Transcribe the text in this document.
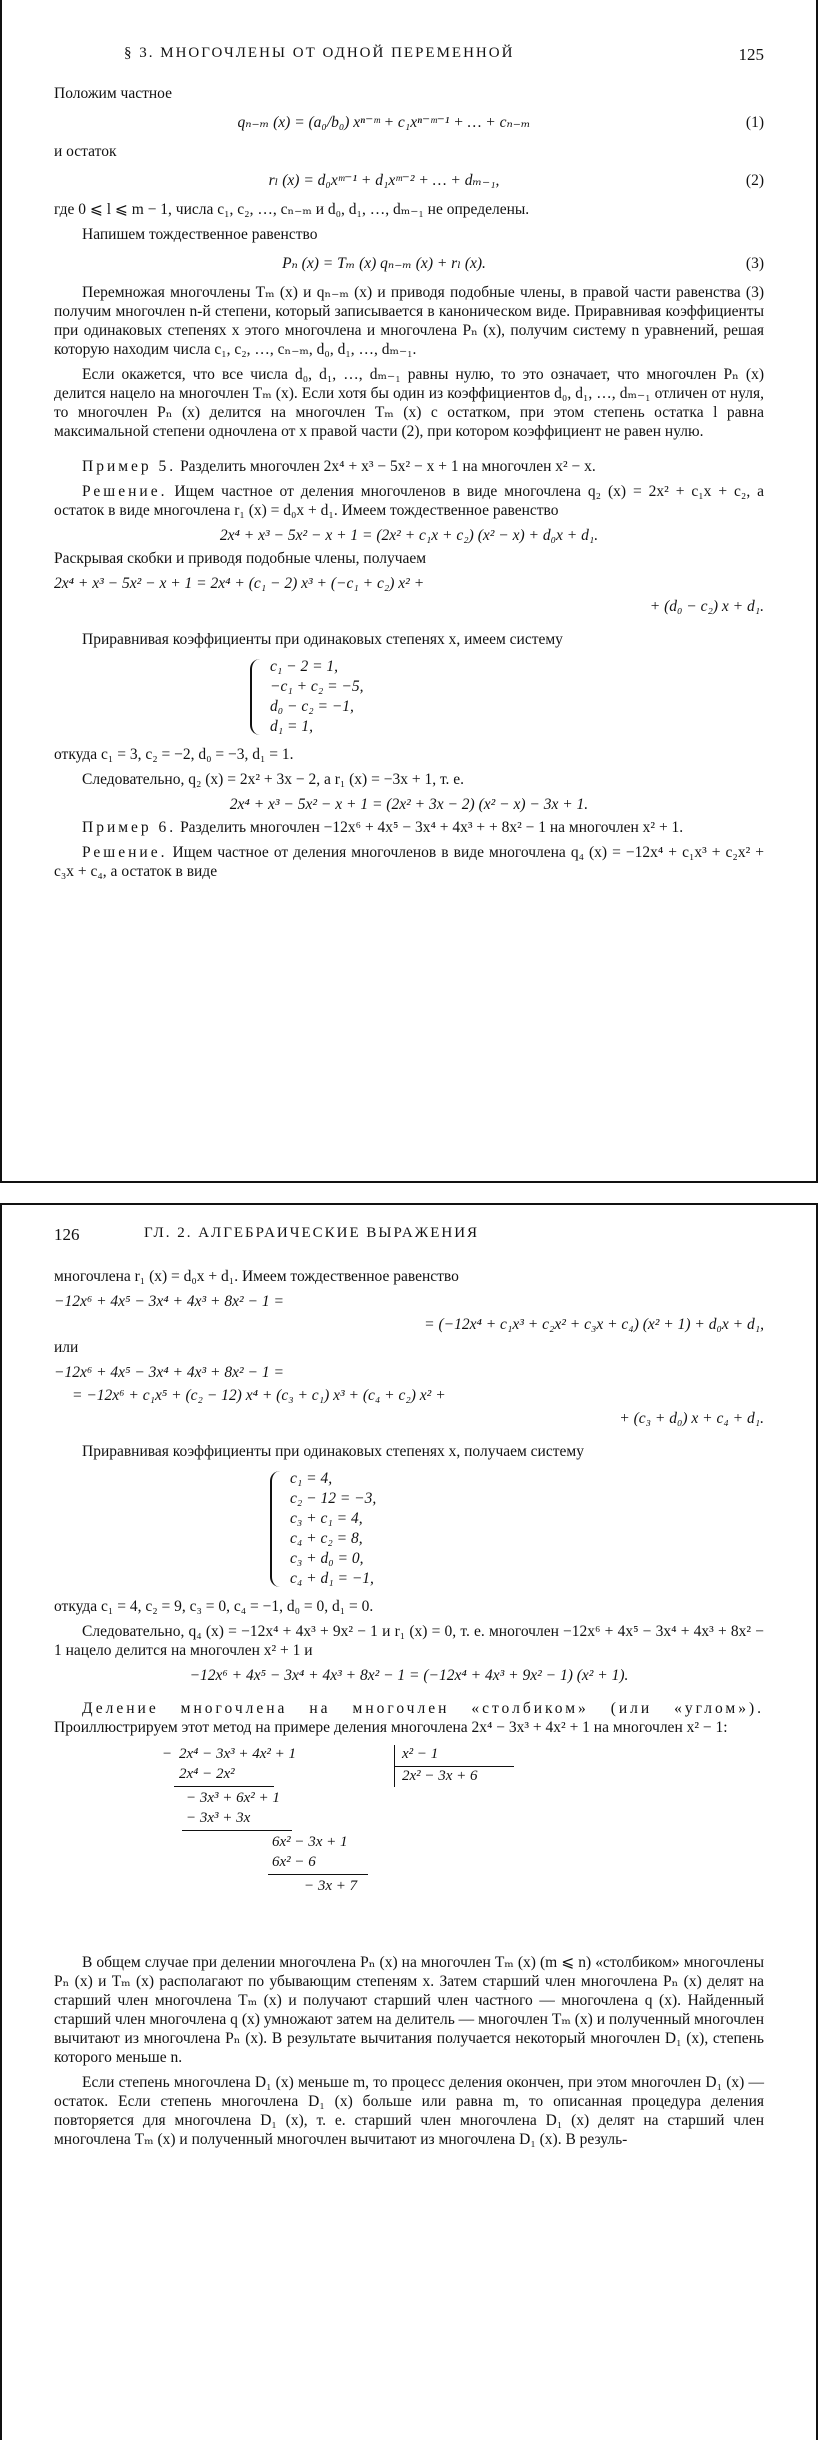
§ 3. МНОГОЧЛЕНЫ ОТ ОДНОЙ ПЕРЕМЕННОЙ	125

Положим частное

qₙ₋ₘ (x) = (a₀/b₀) xⁿ⁻ᵐ + c₁xⁿ⁻ᵐ⁻¹ + … + cₙ₋ₘ	(1)

и остаток

rₗ (x) = d₀xᵐ⁻¹ + d₁xᵐ⁻² + … + dₘ₋₁,	(2)

где 0 ⩽ l ⩽ m − 1, числа c₁, c₂, …, cₙ₋ₘ и d₀, d₁, …, dₘ₋₁ не определены.

Напишем тождественное равенство

Pₙ (x) = Tₘ (x) qₙ₋ₘ (x) + rₗ (x).	(3)

Перемножая многочлены Tₘ (x) и qₙ₋ₘ (x) и приводя подобные члены, в правой части равенства (3) получим многочлен n-й степени, который записывается в каноническом виде. Приравнивая коэффициенты при одинаковых степенях x этого многочлена и многочлена Pₙ (x), получим систему n уравнений, решая которую находим числа c₁, c₂, …, cₙ₋ₘ, d₀, d₁, …, dₘ₋₁.

Если окажется, что все числа d₀, d₁, …, dₘ₋₁ равны нулю, то это означает, что многочлен Pₙ (x) делится нацело на многочлен Tₘ (x). Если хотя бы один из коэффициентов d₀, d₁, …, dₘ₋₁ отличен от нуля, то многочлен Pₙ (x) делится на многочлен Tₘ (x) с остатком, при этом степень остатка l равна максимальной степени одночлена от x правой части (2), при котором коэффициент не равен нулю.

Пример 5. Разделить многочлен 2x⁴ + x³ − 5x² − x + 1 на многочлен x² − x.

Решение. Ищем частное от деления многочленов в виде многочлена q₂ (x) = 2x² + c₁x + c₂, а остаток в виде многочлена r₁ (x) = d₀x + d₁. Имеем тождественное равенство

2x⁴ + x³ − 5x² − x + 1 = (2x² + c₁x + c₂) (x² − x) + d₀x + d₁.

Раскрывая скобки и приводя подобные члены, получаем

2x⁴ + x³ − 5x² − x + 1 = 2x⁴ + (c₁ − 2) x³ + (−c₁ + c₂) x² +
+ (d₀ − c₂) x + d₁.

Приравнивая коэффициенты при одинаковых степенях x, имеем систему

c₁ − 2 = 1,
−c₁ + c₂ = −5,
d₀ − c₂ = −1,
d₁ = 1,

откуда c₁ = 3, c₂ = −2, d₀ = −3, d₁ = 1.

Следовательно, q₂ (x) = 2x² + 3x − 2, а r₁ (x) = −3x + 1, т. е.

2x⁴ + x³ − 5x² − x + 1 = (2x² + 3x − 2) (x² − x) − 3x + 1.

Пример 6. Разделить многочлен −12x⁶ + 4x⁵ − 3x⁴ + 4x³ + + 8x² − 1 на многочлен x² + 1.

Решение. Ищем частное от деления многочленов в виде многочлена q₄ (x) = −12x⁴ + c₁x³ + c₂x² + c₃x + c₄, а остаток в виде

126	ГЛ. 2. АЛГЕБРАИЧЕСКИЕ ВЫРАЖЕНИЯ

многочлена r₁ (x) = d₀x + d₁. Имеем тождественное равенство

−12x⁶ + 4x⁵ − 3x⁴ + 4x³ + 8x² − 1 =
= (−12x⁴ + c₁x³ + c₂x² + c₃x + c₄) (x² + 1) + d₀x + d₁,

или

−12x⁶ + 4x⁵ − 3x⁴ + 4x³ + 8x² − 1 =
= −12x⁶ + c₁x⁵ + (c₂ − 12) x⁴ + (c₃ + c₁) x³ + (c₄ + c₂) x² +
+ (c₃ + d₀) x + c₄ + d₁.

Приравнивая коэффициенты при одинаковых степенях x, получаем систему

c₁ = 4,
c₂ − 12 = −3,
c₃ + c₁ = 4,
c₄ + c₂ = 8,
c₃ + d₀ = 0,
c₄ + d₁ = −1,

откуда c₁ = 4, c₂ = 9, c₃ = 0, c₄ = −1, d₀ = 0, d₁ = 0.

Следовательно, q₄ (x) = −12x⁴ + 4x³ + 9x² − 1 и r₁ (x) = 0, т. е. многочлен −12x⁶ + 4x⁵ − 3x⁴ + 4x³ + 8x² − 1 нацело делится на многочлен x² + 1 и

−12x⁶ + 4x⁵ − 3x⁴ + 4x³ + 8x² − 1 = (−12x⁴ + 4x³ + 9x² − 1) (x² + 1).

Деление многочлена на многочлен «столбиком» (или «углом»). Проиллюстрируем этот метод на примере деления многочлена 2x⁴ − 3x³ + 4x² + 1 на многочлен x² − 1:

− 2x⁴ − 3x³ + 4x² + 1
2x⁴ − 2x²
− 3x³ + 6x² + 1
− 3x³ + 3x
6x² − 3x + 1
6x² − 6
− 3x + 7
x² − 1
2x² − 3x + 6

В общем случае при делении многочлена Pₙ (x) на многочлен Tₘ (x) (m ⩽ n) «столбиком» многочлены Pₙ (x) и Tₘ (x) располагают по убывающим степеням x. Затем старший член многочлена Pₙ (x) делят на старший член многочлена Tₘ (x) и получают старший член частного — многочлена q (x). Найденный старший член многочлена q (x) умножают затем на делитель — многочлен Tₘ (x) и полученный многочлен вычитают из многочлена Pₙ (x). В результате вычитания получается некоторый многочлен D₁ (x), степень которого меньше n.

Если степень многочлена D₁ (x) меньше m, то процесс деления окончен, при этом многочлен D₁ (x) — остаток. Если степень многочлена D₁ (x) больше или равна m, то описанная процедура деления повторяется для многочлена D₁ (x), т. е. старший член многочлена D₁ (x) делят на старший член многочлена Tₘ (x) и полученный многочлен вычитают из многочлена D₁ (x). В резуль-
